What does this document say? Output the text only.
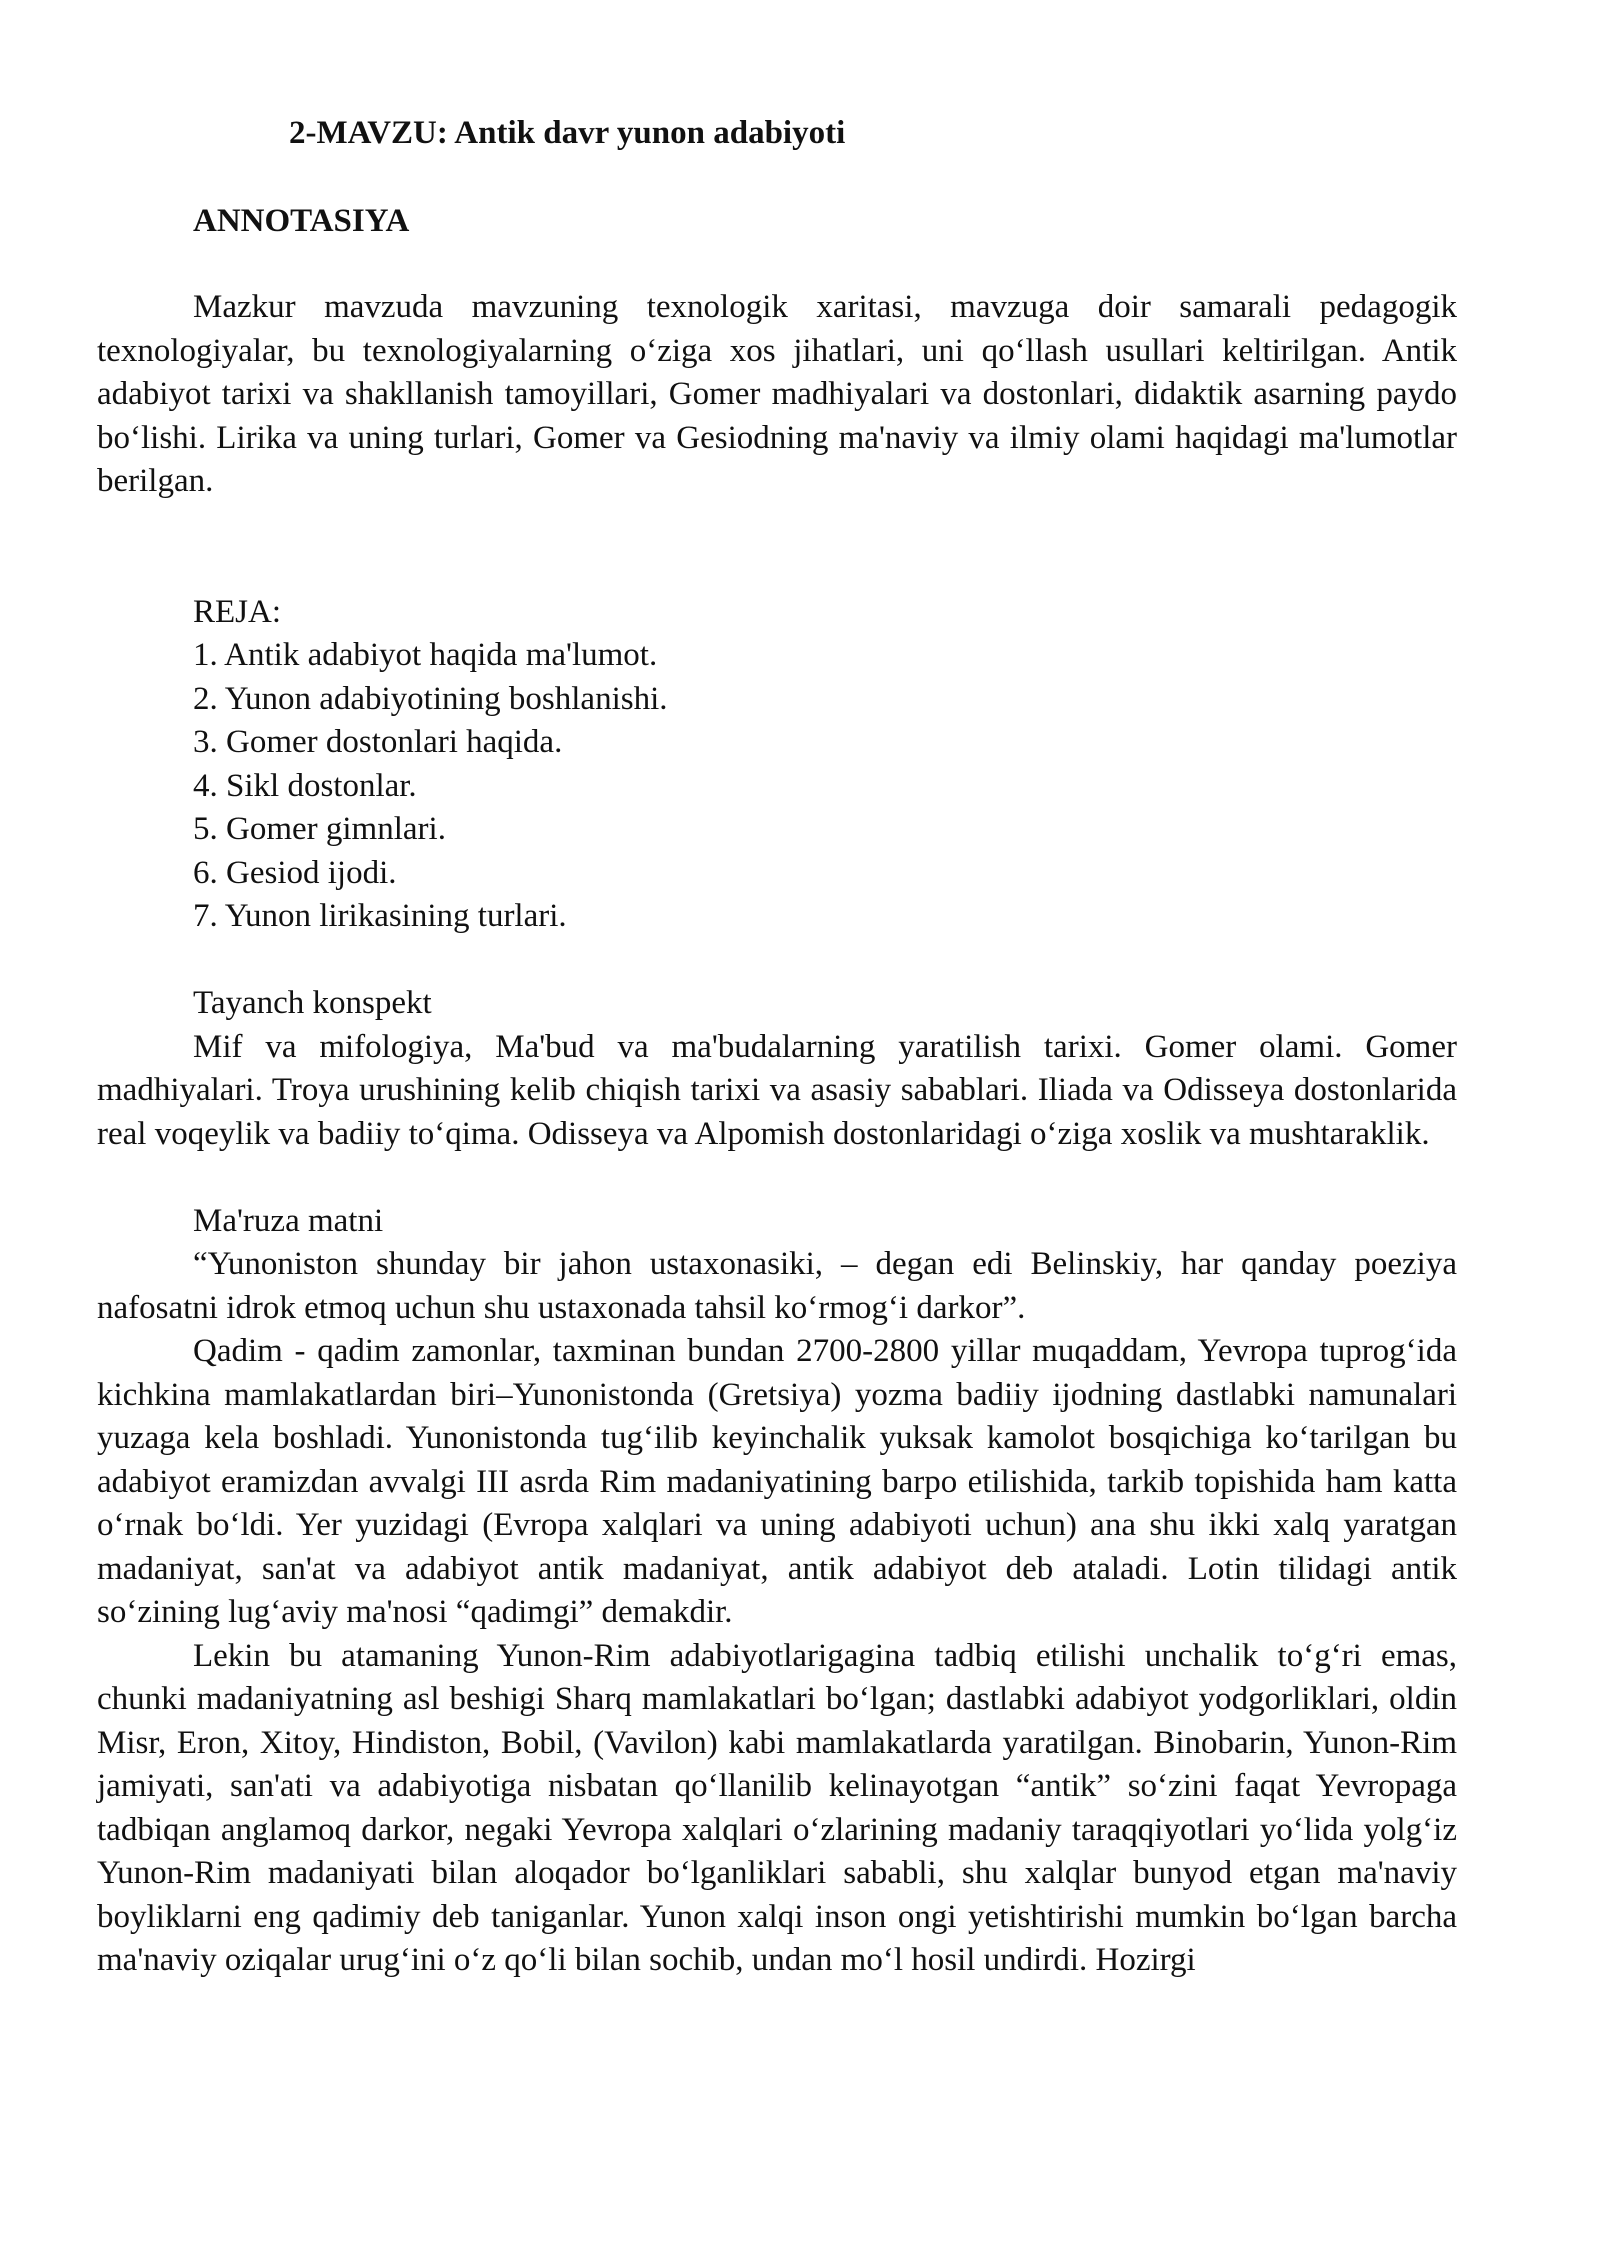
2-MAVZU: Antik davr yunon adabiyoti
ANNOTASIYA

Mazkur mavzuda mavzuning texnologik xaritasi, mavzuga doir samarali pedagogik texnologiyalar, bu texnologiyalarning o‘ziga xos jihatlari, uni qo‘llash usullari keltirilgan. Antik adabiyot tarixi va shakllanish tamoyillari, Gomer madhiyalari va dostonlari, didaktik asarning paydo bo‘lishi. Lirika va uning turlari, Gomer va Gesiodning ma'naviy va ilmiy olami haqidagi ma'lumotlar berilgan.

REJA:
1. Antik adabiyot haqida ma'lumot.
2. Yunon adabiyotining boshlanishi.
3. Gomer dostonlari haqida.
4. Sikl dostonlar.
5. Gomer gimnlari.
6. Gesiod ijodi.
7. Yunon lirikasining turlari.
Tayanch konspekt

Mif va mifologiya, Ma'bud va ma'budalarning yaratilish tarixi. Gomer olami. Gomer madhiyalari. Troya urushining kelib chiqish tarixi va asasiy sabablari. Iliada va Odisseya dostonlarida real voqeylik va badiiy to‘qima. Odisseya va Alpomish dostonlaridagi o‘ziga xoslik va mushtaraklik.

Ma'ruza matni

“Yunoniston shunday bir jahon ustaxonasiki, – degan edi Belinskiy, har qanday poeziya nafosatni idrok etmoq uchun shu ustaxonada tahsil ko‘rmog‘i darkor”.

Qadim - qadim zamonlar, taxminan bundan 2700-2800 yillar muqaddam, Yevropa tuprog‘ida kichkina mamlakatlardan biri–Yunonistonda (Gretsiya) yozma badiiy ijodning dastlabki namunalari yuzaga kela boshladi. Yunonistonda tug‘ilib keyinchalik yuksak kamolot bosqichiga ko‘tarilgan bu adabiyot eramizdan avvalgi III asrda Rim madaniyatining barpo etilishida, tarkib topishida ham katta o‘rnak bo‘ldi. Yer yuzidagi (Evropa xalqlari va uning adabiyoti uchun) ana shu ikki xalq yaratgan madaniyat, san'at va adabiyot antik madaniyat, antik adabiyot deb ataladi. Lotin tilidagi antik so‘zining lug‘aviy ma'nosi “qadimgi” demakdir.

Lekin bu atamaning Yunon-Rim adabiyotlarigagina tadbiq etilishi unchalik to‘g‘ri emas, chunki madaniyatning asl beshigi Sharq mamlakatlari bo‘lgan; dastlabki adabiyot yodgorliklari, oldin Misr, Eron, Xitoy, Hindiston, Bobil, (Vavilon) kabi mamlakatlarda yaratilgan. Binobarin, Yunon-Rim jamiyati, san'ati va adabiyotiga nisbatan qo‘llanilib kelinayotgan “antik” so‘zini faqat Yevropaga tadbiqan anglamoq darkor, negaki Yevropa xalqlari o‘zlarining madaniy taraqqiyotlari yo‘lida yolg‘iz Yunon-Rim madaniyati bilan aloqador bo‘lganliklari sababli, shu xalqlar bunyod etgan ma'naviy boyliklarni eng qadimiy deb taniganlar. Yunon xalqi inson ongi yetishtirishi mumkin bo‘lgan barcha ma'naviy oziqalar urug‘ini o‘z qo‘li bilan sochib, undan mo‘l hosil undirdi. Hozirgi
